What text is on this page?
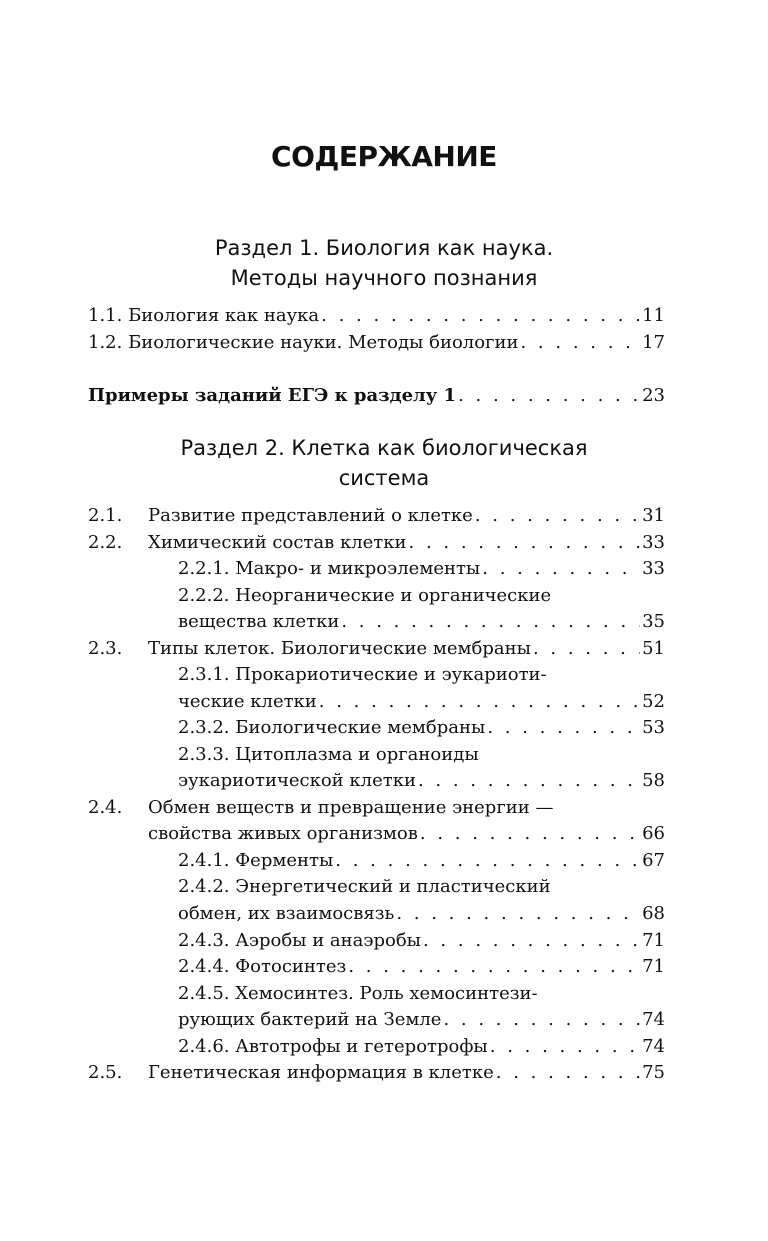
СОДЕРЖАНИЕ
Раздел 1. Биология как наука.
Методы научного познания
1.1. Биология как наука . . .	11
1.2. Биологические науки. Методы биологии . . .	17
Примеры заданий ЕГЭ к разделу 1 . . .	23
Раздел 2. Клетка как биологическая
система
2.1. Развитие представлений о клетке . . .	31
2.2. Химический состав клетки . . .	33
2.2.1. Макро- и микроэлементы . . .	33
2.2.2. Неорганические и органические
вещества клетки . . .	35
2.3. Типы клеток. Биологические мембраны . . .	51
2.3.1. Прокариотические и эукариоти-
ческие клетки . . .	52
2.3.2. Биологические мембраны . . .	53
2.3.3. Цитоплазма и органоиды
эукариотической клетки . . .	58
2.4. Обмен веществ и превращение энергии —
свойства живых организмов . . .	66
2.4.1. Ферменты . . .	67
2.4.2. Энергетический и пластический
обмен, их взаимосвязь . . .	68
2.4.3. Аэробы и анаэробы . . .	71
2.4.4. Фотосинтез . . .	71
2.4.5. Хемосинтез. Роль хемосинтези-
рующих бактерий на Земле . . .	74
2.4.6. Автотрофы и гетеротрофы . . .	74
2.5. Генетическая информация в клетке . . .	75
